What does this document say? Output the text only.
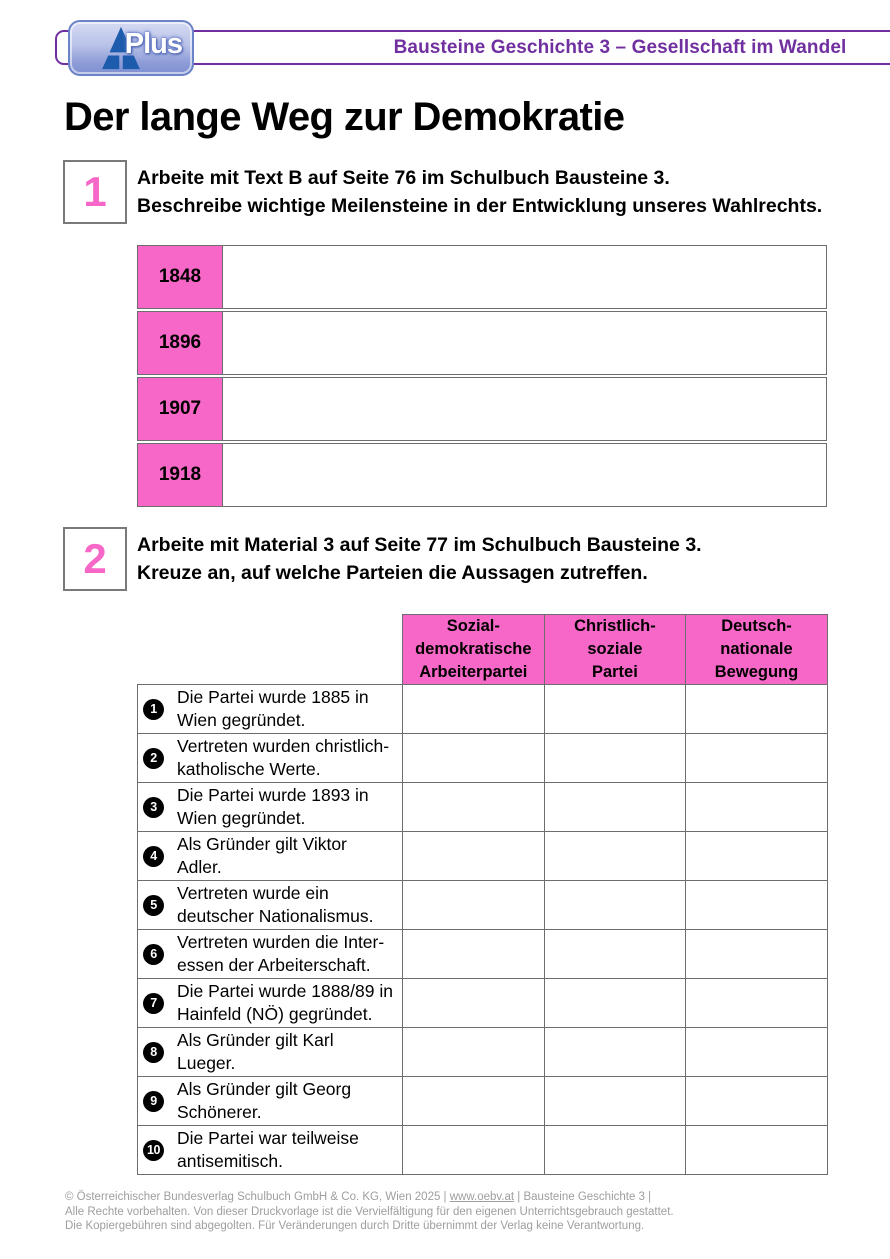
Bausteine Geschichte 3 – Gesellschaft im Wandel
Plus
Der lange Weg zur Demokratie
1 Arbeite mit Text B auf Seite 76 im Schulbuch Bausteine 3.
Beschreibe wichtige Meilensteine in der Entwicklung unseres Wahlrechts.
1848
1896
1907
1918
2 Arbeite mit Material 3 auf Seite 77 im Schulbuch Bausteine 3.
Kreuze an, auf welche Parteien die Aussagen zutreffen.

Sozial-
demokratische
Arbeiterpartei

Christlich-
soziale
Partei

Deutsch-
nationale
Bewegung

1
Die Partei wurde 1885 in
Wien gegründet.			

2
Vertreten wurden christlich-
katholische Werte.			

3
Die Partei wurde 1893 in
Wien gegründet.			

4
Als Gründer gilt Viktor
Adler.			

5
Vertreten wurde ein
deutscher Nationalismus.			

6
Vertreten wurden die Inter-
essen der Arbeiterschaft.			

7
Die Partei wurde 1888/89 in
Hainfeld (NÖ) gegründet.			

8
Als Gründer gilt Karl
Lueger.			

9
Als Gründer gilt Georg
Schönerer.			

10
Die Partei war teilweise
antisemitisch.			

© Österreichischer Bundesverlag Schulbuch GmbH & Co. KG, Wien 2025 | www.oebv.at | Bausteine Geschichte 3 |
Alle Rechte vorbehalten. Von dieser Druckvorlage ist die Vervielfältigung für den eigenen Unterrichtsgebrauch gestattet.
Die Kopiergebühren sind abgegolten. Für Veränderungen durch Dritte übernimmt der Verlag keine Verantwortung.
